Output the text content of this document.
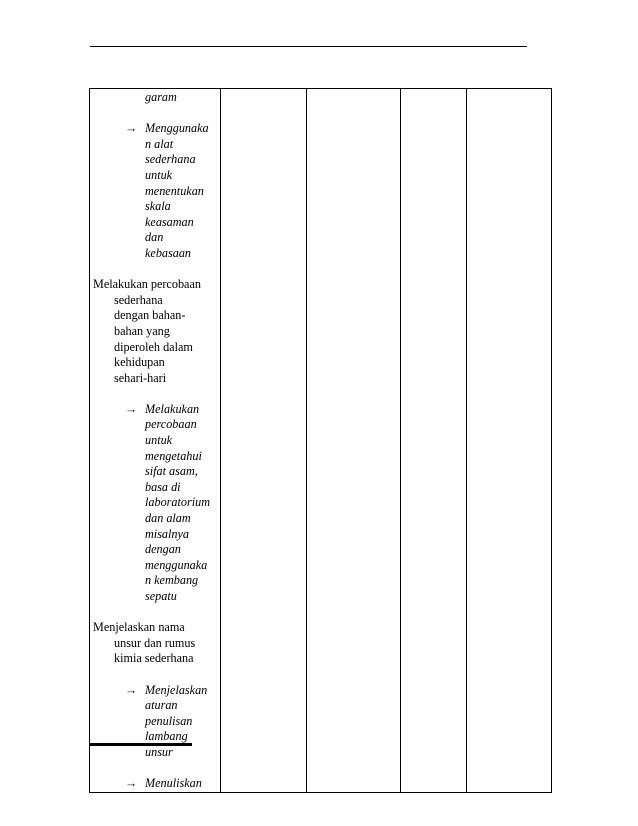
garam
→ Menggunaka
n alat
sederhana
untuk
menentukan
skala
keasaman
dan
kebasaan
Melakukan percobaan
sederhana
dengan bahan-
bahan yang
diperoleh dalam
kehidupan
sehari-hari
→ Melakukan
percobaan
untuk
mengetahui
sifat asam,
basa di
laboratorium
dan alam
misalnya
dengan
menggunaka
n kembang
sepatu
Menjelaskan nama
unsur dan rumus
kimia sederhana
→ Menjelaskan
aturan
penulisan
lambang
unsur
→ Menuliskan
